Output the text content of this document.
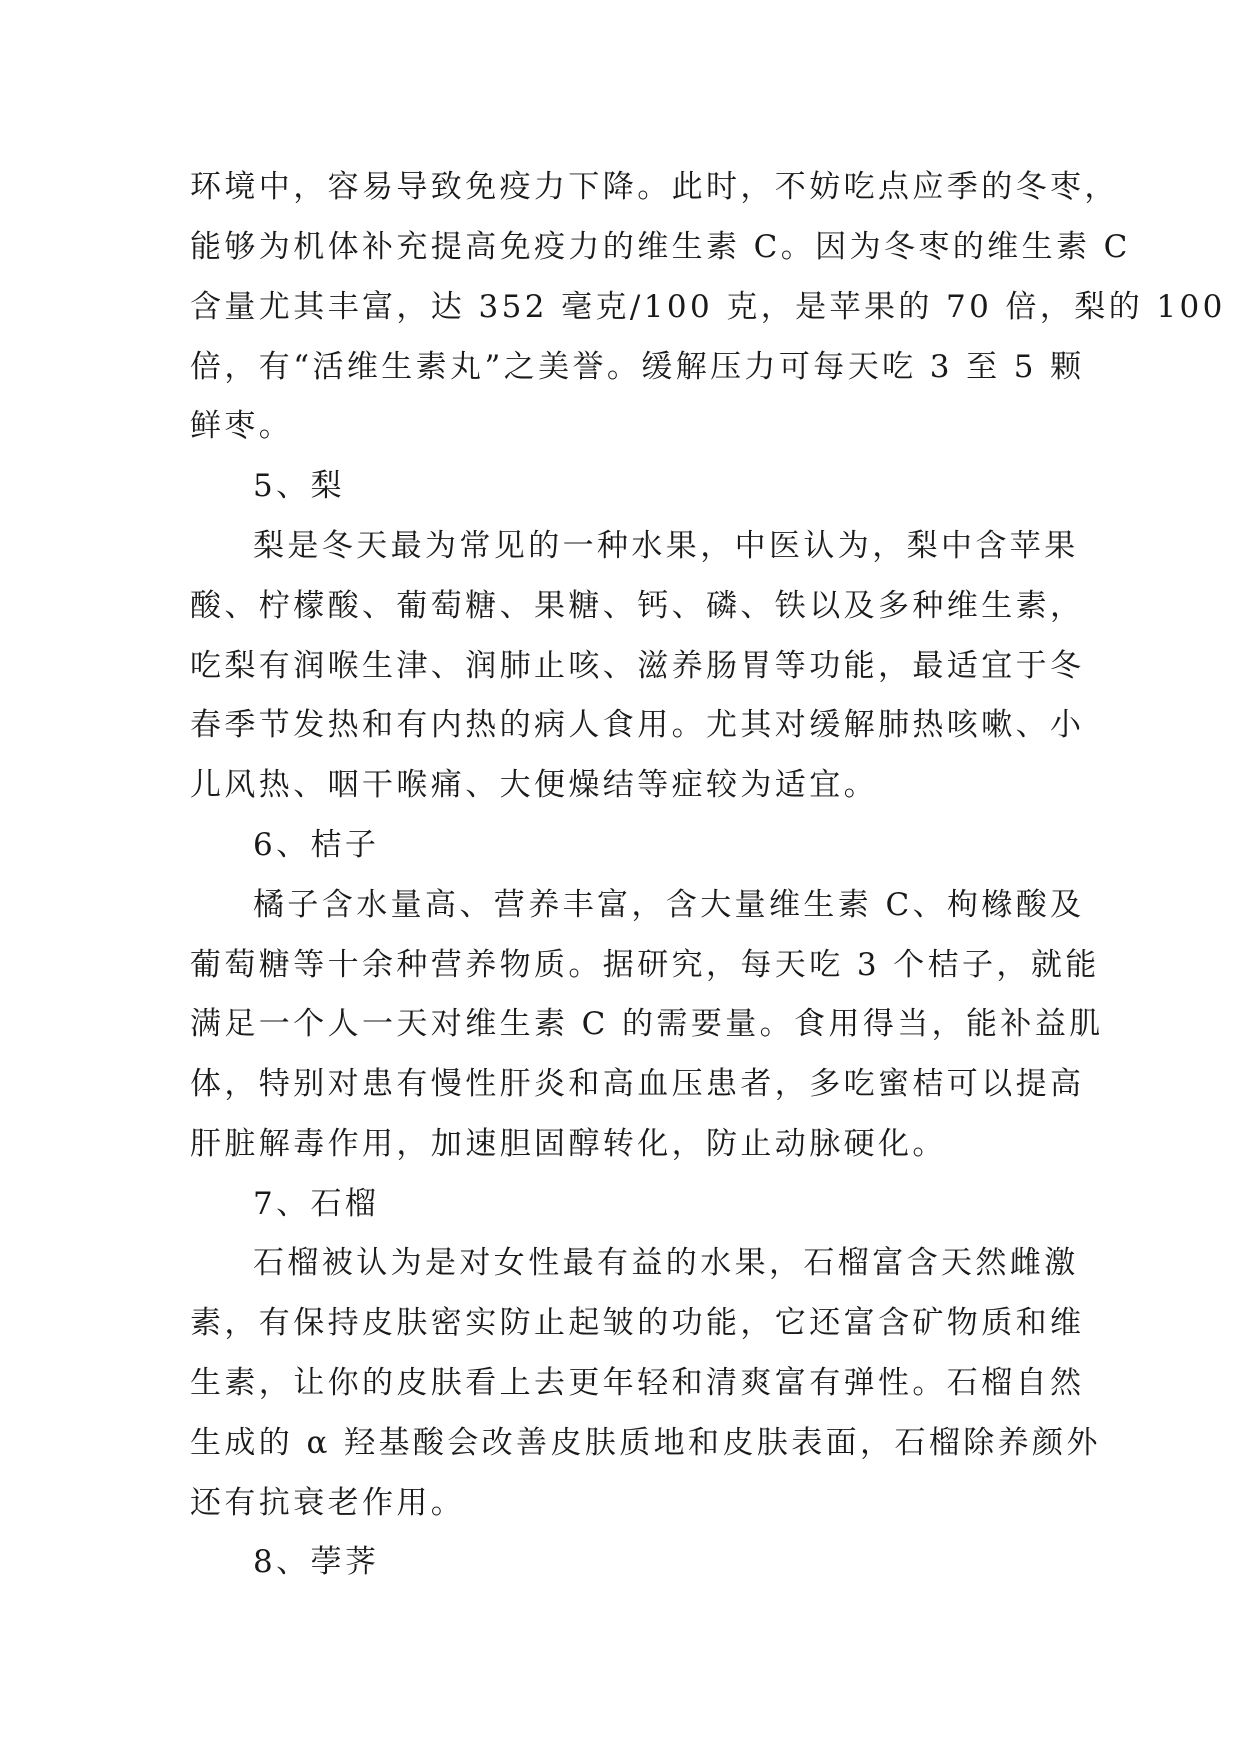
环境中，容易导致免疫力下降。此时，不妨吃点应季的冬枣，
能够为机体补充提高免疫力的维生素 C。因为冬枣的维生素 C
含量尤其丰富，达 352 毫克/100 克，是苹果的 70 倍，梨的 100
倍，有“活维生素丸”之美誉。缓解压力可每天吃 3 至 5 颗
鲜枣。
5、梨
梨是冬天最为常见的一种水果，中医认为，梨中含苹果
酸、柠檬酸、葡萄糖、果糖、钙、磷、铁以及多种维生素，
吃梨有润喉生津、润肺止咳、滋养肠胃等功能，最适宜于冬
春季节发热和有内热的病人食用。尤其对缓解肺热咳嗽、小
儿风热、咽干喉痛、大便燥结等症较为适宜。
6、桔子
橘子含水量高、营养丰富，含大量维生素 C、枸橼酸及
葡萄糖等十余种营养物质。据研究，每天吃 3 个桔子，就能
满足一个人一天对维生素 C 的需要量。食用得当，能补益肌
体，特别对患有慢性肝炎和高血压患者，多吃蜜桔可以提高
肝脏解毒作用，加速胆固醇转化，防止动脉硬化。
7、石榴
石榴被认为是对女性最有益的水果，石榴富含天然雌激
素，有保持皮肤密实防止起皱的功能，它还富含矿物质和维
生素，让你的皮肤看上去更年轻和清爽富有弹性。石榴自然
生成的 α 羟基酸会改善皮肤质地和皮肤表面，石榴除养颜外
还有抗衰老作用。
8、荸荠
